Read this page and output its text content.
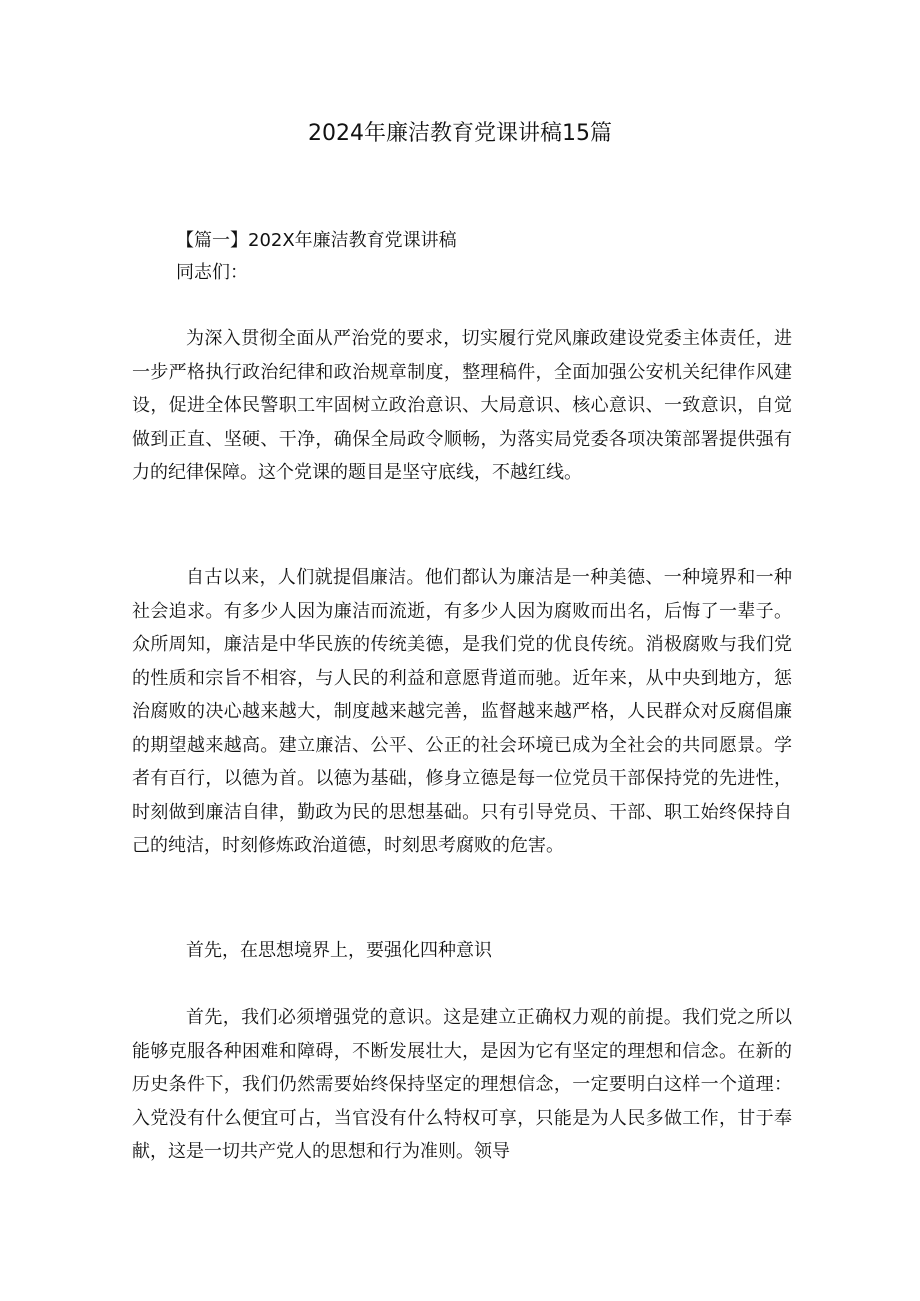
2024年廉洁教育党课讲稿15篇
【篇一】202X年廉洁教育党课讲稿
同志们：

为深入贯彻全面从严治党的要求，切实履行党风廉政建设党委主体责任，进一步严格执行政治纪律和政治规章制度，整理稿件，全面加强公安机关纪律作风建设，促进全体民警职工牢固树立政治意识、大局意识、核心意识、一致意识，自觉做到正直、坚硬、干净，确保全局政令顺畅，为落实局党委各项决策部署提供强有力的纪律保障。这个党课的题目是坚守底线，不越红线。

自古以来，人们就提倡廉洁。他们都认为廉洁是一种美德、一种境界和一种社会追求。有多少人因为廉洁而流逝，有多少人因为腐败而出名，后悔了一辈子。众所周知，廉洁是中华民族的传统美德，是我们党的优良传统。消极腐败与我们党的性质和宗旨不相容，与人民的利益和意愿背道而驰。近年来，从中央到地方，惩治腐败的决心越来越大，制度越来越完善，监督越来越严格，人民群众对反腐倡廉的期望越来越高。建立廉洁、公平、公正的社会环境已成为全社会的共同愿景。学者有百行，以德为首。以德为基础，修身立德是每一位党员干部保持党的先进性，时刻做到廉洁自律，勤政为民的思想基础。只有引导党员、干部、职工始终保持自己的纯洁，时刻修炼政治道德，时刻思考腐败的危害。

首先，在思想境界上，要强化四种意识

首先，我们必须增强党的意识。这是建立正确权力观的前提。我们党之所以能够克服各种困难和障碍，不断发展壮大，是因为它有坚定的理想和信念。在新的历史条件下，我们仍然需要始终保持坚定的理想信念，一定要明白这样一个道理：入党没有什么便宜可占，当官没有什么特权可享，只能是为人民多做工作，甘于奉献，这是一切共产党人的思想和行为准则。领导
